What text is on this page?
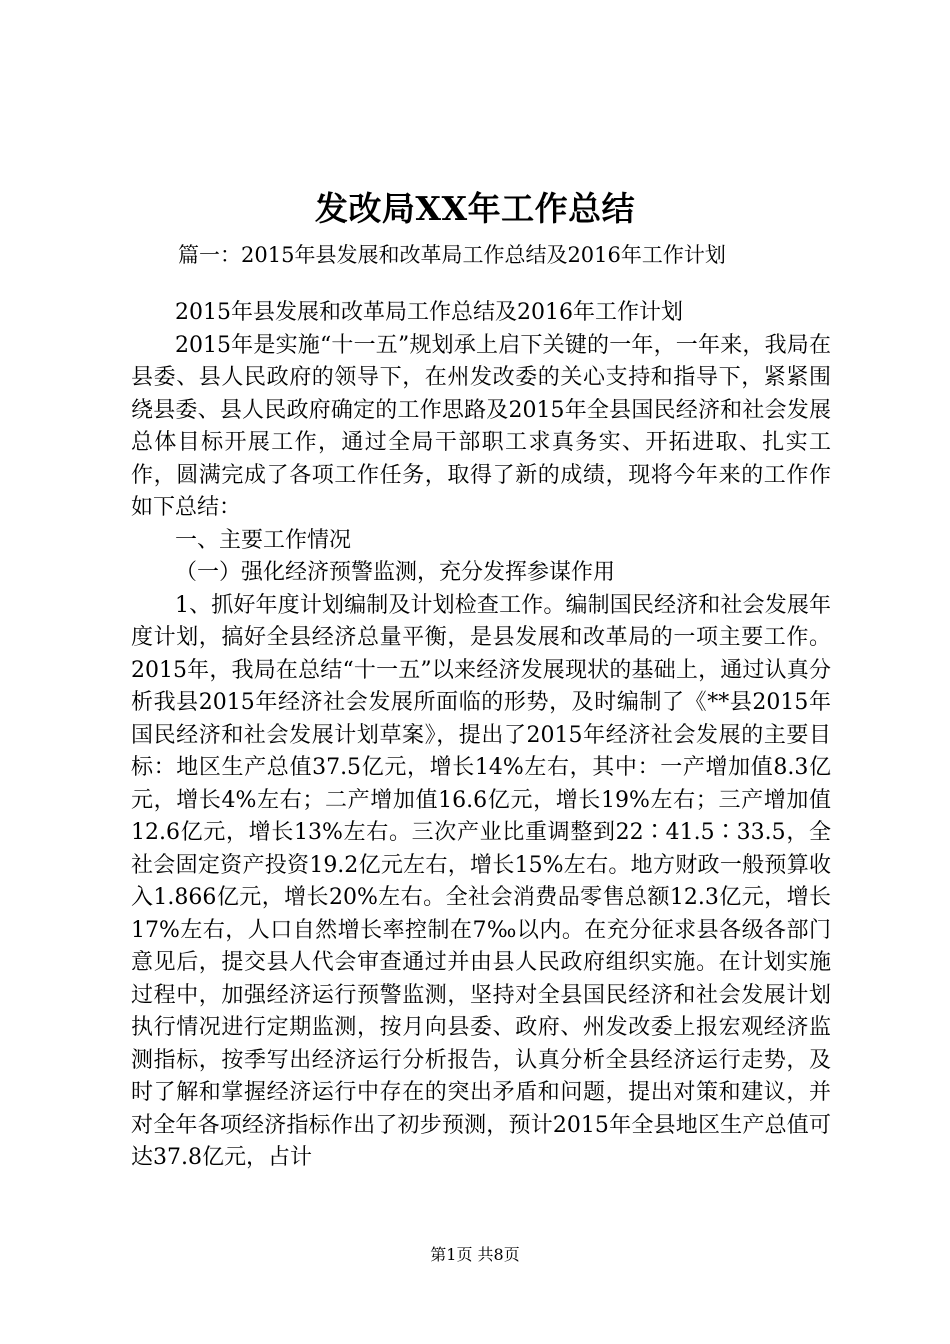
发改局XX年工作总结
篇一：2015年县发展和改革局工作总结及2016年工作计划

2015年县发展和改革局工作总结及2016年工作计划

2015年是实施“十一五”规划承上启下关键的一年，一年来，我局在县委、县人民政府的领导下，在州发改委的关心支持和指导下，紧紧围绕县委、县人民政府确定的工作思路及2015年全县国民经济和社会发展总体目标开展工作，通过全局干部职工求真务实、开拓进取、扎实工作，圆满完成了各项工作任务，取得了新的成绩，现将今年来的工作作如下总结：

一、主要工作情况

（一）强化经济预警监测，充分发挥参谋作用

1、抓好年度计划编制及计划检查工作。编制国民经济和社会发展年度计划，搞好全县经济总量平衡，是县发展和改革局的一项主要工作。2015年，我局在总结“十一五”以来经济发展现状的基础上，通过认真分析我县2015年经济社会发展所面临的形势，及时编制了《**县2015年国民经济和社会发展计划草案》，提出了2015年经济社会发展的主要目标：地区生产总值37.5亿元，增长14%左右，其中：一产增加值8.3亿元，增长4%左右；二产增加值16.6亿元，增长19%左右；三产增加值12.6亿元，增长13%左右。三次产业比重调整到22∶41.5∶33.5，全社会固定资产投资19.2亿元左右，增长15%左右。地方财政一般预算收入1.866亿元，增长20%左右。全社会消费品零售总额12.3亿元，增长17%左右，人口自然增长率控制在7‰以内。在充分征求县各级各部门意见后，提交县人代会审查通过并由县人民政府组织实施。在计划实施过程中，加强经济运行预警监测，坚持对全县国民经济和社会发展计划执行情况进行定期监测，按月向县委、政府、州发改委上报宏观经济监测指标，按季写出经济运行分析报告，认真分析全县经济运行走势，及时了解和掌握经济运行中存在的突出矛盾和问题，提出对策和建议，并对全年各项经济指标作出了初步预测，预计2015年全县地区生产总值可达37.8亿元，占计

第1页 共8页
